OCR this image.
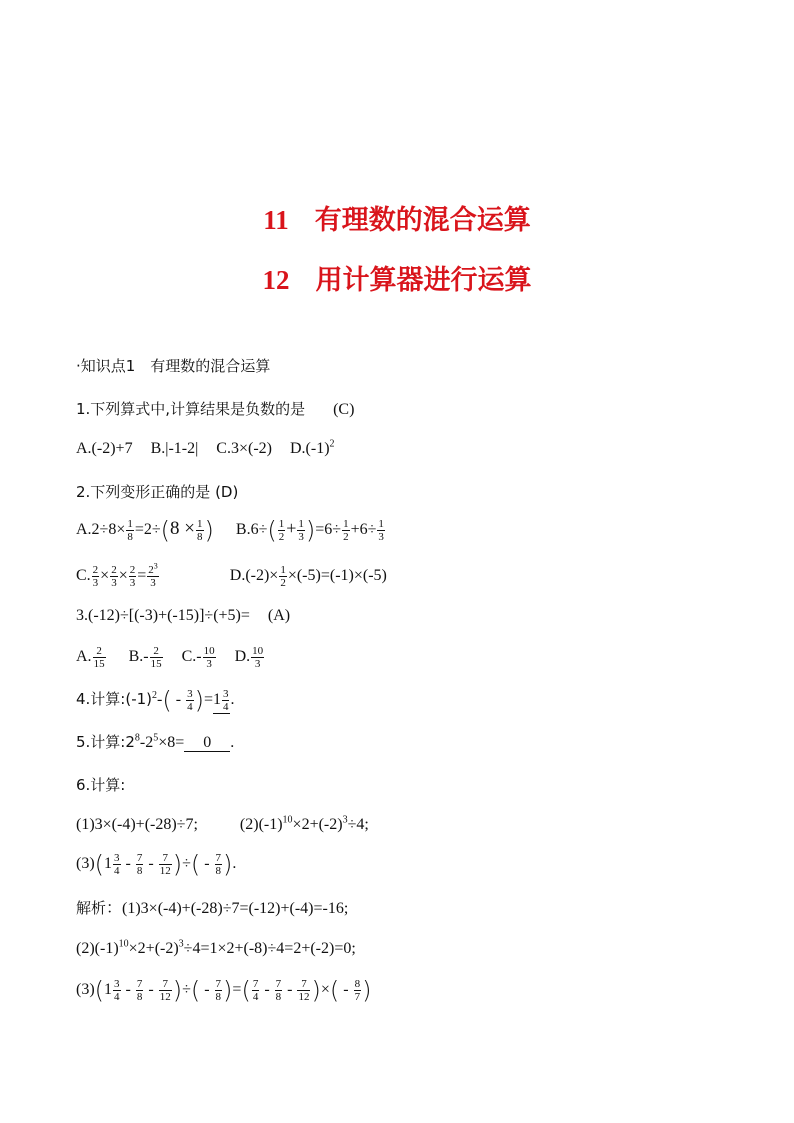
11 有理数的混合运算
12 用计算器进行运算
·知识点1　有理数的混合运算
1.下列算式中,计算结果是负数的是 (C)
A.(-2)+7 B.|-1-2| C.3×(-2) $D.(-1)^2$
2.下列变形正确的是 (D)
$A.2\div 8\times \frac{1}{8} =2\div(8 \times \frac{1}{8}$ ) $B.6\div( \frac{1}{2} + \frac{1}{3} )=6\div \frac{1}{2} +6\div \frac{1}{3}$
C. $\frac{2}{3} \times \frac{2}{3} \times \frac{2}{3} = \frac{2^3}{3}$	$D.(-2)\times \frac{1}{2} \times(-5)=(-1)\times(-5)$
3.(-12)÷[(-3)+(-15)]÷(+5)= (A)
A. $\frac{2}{15} B.- \frac{2}{15} C.- \frac{10}{3} D$. $\frac{10}{3}$
4.计算$:(-1)^2-( - \frac{3}{4} )=1 \frac{3}{4}$ .
5.计算$:2^8-2^5\times 8= 0$ .
6.计算:
(1)3×(-4)+(-28)÷7;	$(2)(-1)^{10}\times 2+(-2)^3\div 4$;
$(3)(1 \frac{3}{4} - \frac{7}{8} - \frac{7}{12}$ )÷( - $\frac{7}{8}$ ).
解析：(1)3×(-4)+(-28)÷7=(-12)+(-4)=-16;
$(2)(-1)^{10}\times 2+(-2)^3\div 4=1\times 2+(-8)\div 4=2+(-2)=0$;
$(3)(1 \frac{3}{4} - \frac{7}{8} - \frac{7}{12}$ )÷( - $\frac{7}{8}$ )=( $\frac{7}{4} - \frac{7}{8} - \frac{7}{12}$ )×( - $\frac{8}{7}$ )
